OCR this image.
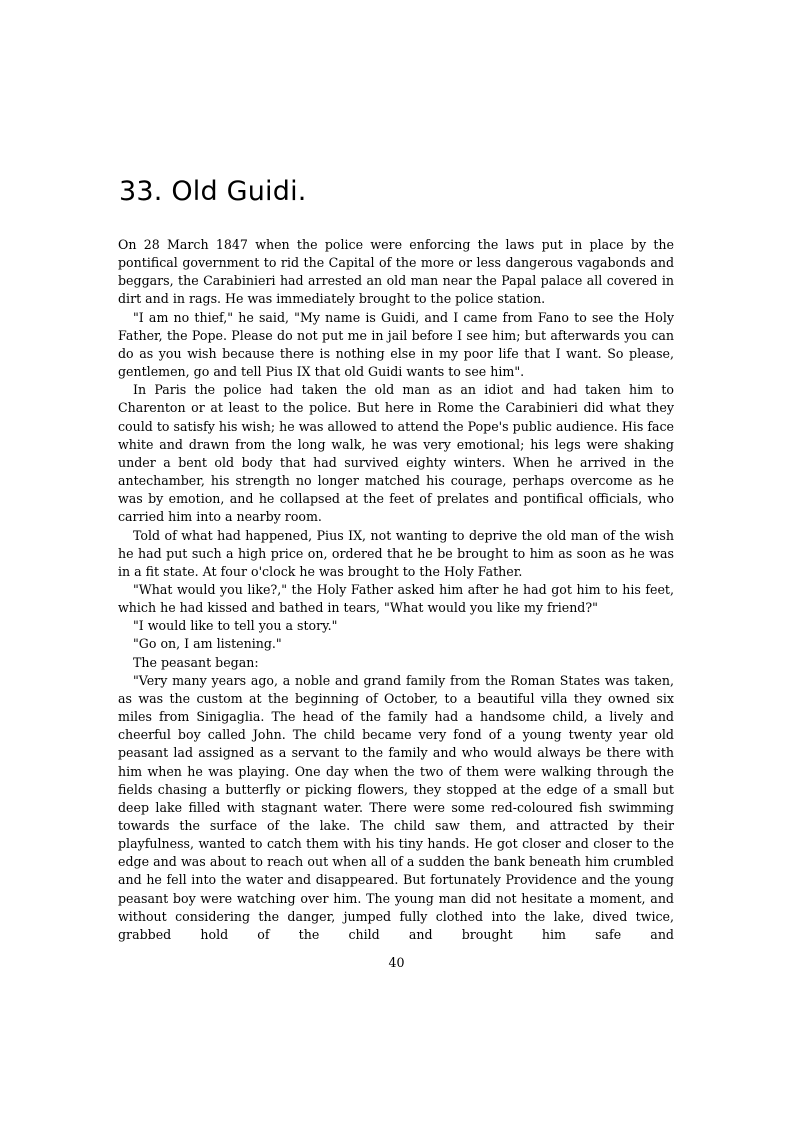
33. Old Guidi.

On 28 March 1847 when the police were enforcing the laws put in place by the pontifical government to rid the Capital of the more or less dangerous vagabonds and beggars, the Carabinieri had arrested an old man near the Papal palace all covered in dirt and in rags. He was immediately brought to the police station.

"I am no thief," he said, "My name is Guidi, and I came from Fano to see the Holy Father, the Pope. Please do not put me in jail before I see him; but afterwards you can do as you wish because there is nothing else in my poor life that I want. So please, gentlemen, go and tell Pius IX that old Guidi wants to see him".

In Paris the police had taken the old man as an idiot and had taken him to Charenton or at least to the police. But here in Rome the Carabinieri did what they could to satisfy his wish; he was allowed to attend the Pope's public audience. His face white and drawn from the long walk, he was very emotional; his legs were shaking under a bent old body that had survived eighty winters. When he arrived in the antechamber, his strength no longer matched his courage, perhaps overcome as he was by emotion, and he collapsed at the feet of prelates and pontifical officials, who carried him into a nearby room.

Told of what had happened, Pius IX, not wanting to deprive the old man of the wish he had put such a high price on, ordered that he be brought to him as soon as he was in a fit state. At four o'clock he was brought to the Holy Father.

"What would you like?," the Holy Father asked him after he had got him to his feet, which he had kissed and bathed in tears, "What would you like my friend?"

"I would like to tell you a story."

"Go on, I am listening."

The peasant began:

"Very many years ago, a noble and grand family from the Roman States was taken, as was the custom at the beginning of October, to a beautiful villa they owned six miles from Sinigaglia. The head of the family had a handsome child, a lively and cheerful boy called John. The child became very fond of a young twenty year old peasant lad assigned as a servant to the family and who would always be there with him when he was playing. One day when the two of them were walking through the fields chasing a butterfly or picking flowers, they stopped at the edge of a small but deep lake filled with stagnant water. There were some red-coloured fish swimming towards the surface of the lake. The child saw them, and attracted by their playfulness, wanted to catch them with his tiny hands. He got closer and closer to the edge and was about to reach out when all of a sudden the bank beneath him crumbled and he fell into the water and disappeared. But fortunately Providence and the young peasant boy were watching over him. The young man did not hesitate a moment, and without considering the danger, jumped fully clothed into the lake, dived twice, grabbed hold of the child and brought him safe and

40
